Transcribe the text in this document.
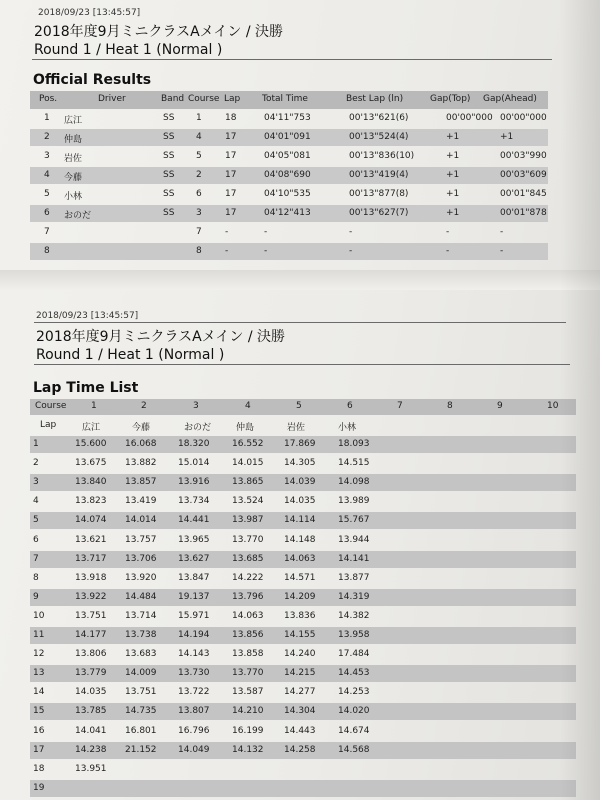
2018/09/23 [13:45:57]
2018年度9月ミニクラスAメイン / 決勝
Round 1 / Heat 1 (Normal )
Official Results
Pos.	Driver	Band Course Lap Total Time	Best Lap (ln)	Gap(Top) Gap(Ahead)
1 広江	SS 1	18	04'11"753	00'13"621(6)	00'00"000 00'00"000
2 仲島	SS 4	17	04'01"091	00'13"524(4)	+1	+1
3 岩佐	SS 5	17	04'05"081	00'13"836(10)	+1	00'03"990
4 今藤	SS 2	17	04'08"690	00'13"419(4)	+1	00'03"609
5 小林	SS 6	17	04'10"535	00'13"877(8)	+1	00'01"845
6 おのだ	SS 3	17	04'12"413	00'13"627(7)	+1	00'01"878
7	7	-	-	-	-	-
8	8	-	-	-	-	-
2018/09/23 [13:45:57]
2018年度9月ミニクラスAメイン / 決勝
Round 1 / Heat 1 (Normal )
Lap Time List
Course	1	2	3	4	5	6	7	8	9	10
Lap	広江	今藤	おのだ	仲島	岩佐	小林
1	15.600 16.068 18.320	16.552 17.869	18.093
2	13.675 13.882 15.014	14.015 14.305	14.515
3	13.840 13.857 13.916	13.865 14.039	14.098
4	13.823 13.419 13.734	13.524 14.035	13.989
5	14.074 14.014 14.441	13.987 14.114	15.767
6	13.621 13.757 13.965	13.770 14.148	13.944
7	13.717 13.706 13.627	13.685 14.063	14.141
8	13.918 13.920 13.847	14.222 14.571	13.877
9	13.922 14.484 19.137	13.796 14.209	14.319
10	13.751 13.714 15.971	14.063 13.836	14.382
11	14.177 13.738 14.194	13.856 14.155	13.958
12	13.806 13.683 14.143	13.858 14.240	17.484
13	13.779 14.009 13.730	13.770 14.215	14.453
14	14.035 13.751 13.722	13.587 14.277	14.253
15	13.785 14.735 13.807	14.210 14.304	14.020
16	14.041 16.801 16.796	16.199 14.443	14.674
17	14.238 21.152 14.049	14.132 14.258	14.568
18	13.951
19
